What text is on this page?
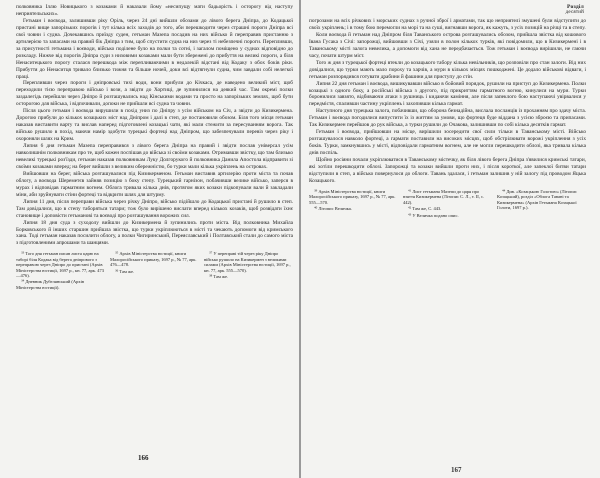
полковника Іллю Новицького з козаками й наказали йому «несипущу мати бадьорість і осторогу від наступу неприятельських».

Гетьман і воєвода, залишивши ріку Оріль, через 24 дні вийшли обозами до лівого берега Дніпра, до Кодацької пристані вище запорізьких порогів і тут кілька всіх заходів до того, аби перешкодити через страшні пороги Дніпра всі свої човни і судна. Дочекавшись приїзду суден, гетьман Мазепа посадив на них військо й переправив пристанню з артилерією та запасами на правий бік Дніпра з тим, щоб спустити судна на низ через ті небезпечні пороги. Перепливши, за присутності гетьмана і воєводи, військо поділене було на полки та сотні, і загалом поміщено у суднах відповідно до розкладу. Нижче від порогів Дніпра суди з низовими козаками мали бути збережені до прибуття на великі пороги, а біля Ненаситецького порогу сталася перешкода між перепливаючими в недалекій відстані від Кодаку з обох боків ріки. Прибуття до Ненаситця тривало близько тижня та більше ночей, доки всі відтягнули судна, чим завдали собі нелегкої праці.

Перепливши через пороги і дніпровські тихі води, вони прибули до Кічкаса, де наведено великий міст, щоб переходили тією переправою військо і вози, а звідти до Хортиці, де зупинилися на деякий час. Там окремі полки заздалегідь перейшли через Дніпро й розташувались над Кінськими водами та просто на запорізьких землях, щоб бути осторогою для війська, і відпочивали, допоки не прийшли всі судна та човни.

Після цього гетьман і воєвода вирушили в похід униз по Дніпру з усім військом на Січ, а звідти до Кизикермена. Дорогою прибули до кількох козацьких міст над Дніпром і далі в степ, де постановили обозом. Біля того місця гетьман наказав виставити варту та вислав наперед підготовлені козацькі чати, які мали стежити за пересуванням ворога. Так військо рушило в похід, маючи намір здобути турецькі фортеці над Дніпром, що забезпечували перевіз через ріку і охороняли шлях на Крим.

Липня 6 дня гетьман Мазепа переправився з лівого берега Дніпра на правий і звідти послав універсал усім навколишнім полковникам про те, щоб кожен поспішав до війська зі своїми козаками. Отримавши звістку, що там близько невеликі турецькі роз'їзди, гетьман наказав полковникам Луку Долгорукого й полковника Данила Апостола відправити зі своїми козаками вперед; на берег вийшли з великим обережністю, бо турки мали кілька укріплень на островах.

Вийшовши на берег, війська розташувалися під Кизикерменом. Гетьман виставив артилерію проти міста та почав облогу, а воєвода Шереметєв зайняв позицію з боку степу. Турецький гарнізон, побачивши велике військо, заперся в мурах і відповідав гарматним вогнем. Облога тривала кілька днів, протягом яких козаки підкопували вали й закладали міни, аби зруйнувати стіни фортеці та відкрити шлях для штурму.

Липня 11 дня, після переправи війська через річку Дніпро, військо підійшло до Кодацької пристані й рушило в степ. Там довідалися, що в степу таборяться татари; тож було вирішено вислати вперед кількох козаків, щоб розвідати їхнє становище і доповісти гетьманові та воєводі про розташування ворожих сил.

Липня 18 дня суда з суходолу вийшли до Кизикермена й зупинились проти міста. Від полковника Михайла Борковського й інших старшин прийшла звістка, що турки укріплюються в місті та чекають допомоги від кримського хана. Тоді гетьман наказав посилити облогу, а полки Чигиринський, Переяславський і Полтавський стали до самого міста з підготовленими апрошами та шанцями.

$^{33}$ Того дня гетьман писав листа царю на таборі біля Кодака від берега дніпрового з переправою через Дніпро до пристані (Архів Міністерства юстиції, 1697 р., кн. 77, арк. 473—476).

$^{34}$ Дневник Дубелянський (Архів Міністерства юстиції).

$^{35}$ Архів Міністерства юстиції, книги Малоросійського приказу, 1697 р., № 77, арк. 476—478.

$^{36}$ Там же.

$^{37}$ У переправі тій через ріку Дніпро військо рушило на Кизикермен з великими силами (Архів Міністерства юстиції, 1697 р., кн. 77, арк. 555—570).

$^{38}$ Там же.

166
Розділ
десятий

погрозами на всіх річкових і морських суднах з ручної зброї і арматами, так що неприятелі змушені були відступити до своїх укріплень; і в тому бою перемогли на морі та на суші, вигнавши ворога, як кажуть, з усіх позицій на річці та в степу.

Коли воєвода й гетьман над Дніпром біля Таванського острова розташувались обозом, прийшла звістка від кошового Івана Гусака з Січі: запорожці, вийшовши з Січі, узяли в полон кількох турків, які повідомили, що в Кизикермені і в Таванському місті залога невелика, а допомоги від хана не передбачається. Тож гетьман і воєвода вирішили, не гаючи часу, почати штурм міст.

Того ж дня з турецької фортеці втекли до козацького табору кілька невільників, що розповіли про стан залоги. Від них довідалися, що турки мають мало пороху та харчів, а мури в кількох місцях пошкоджені. Це додало військові відваги, і гетьман розпорядився готувати драбини й фашини для приступу до стін.

Липня 22 дня гетьман і воєвода, вишикувавши військо в бойовий порядок, рушили на приступ до Кизикермена. Полки козацькі з одного боку, а російські війська з другого, під прикриттям гарматного вогню, кинулися на мури. Турки боронилися завзято, відбиваючи атаки з рушниць і кидаючи каміння, але після запеклого бою наступаючі увірвалися у передмістя, спаливши частину укріплень і захопивши кілька гармат.

Наступного дня турецька залога, побачивши, що оборона безнадійна, вислала посланців із проханням про здачу міста. Гетьман і воєвода погодилися випустити їх із життям за умови, що фортеця буде віддана з усією зброєю та припасами. Так Кизикермен перейшов до рук війська, а турки рушили до Очакова, залишивши по собі кілька десятків гармат.

Гетьман і воєвода, прийшовши на місце, вирішили зосередити свої сили тільки в Таванському місті. Військо розташувалося навколо фортеці, а гармати поставили на високих місцях, щоб обстрілювати ворожі укріплення з усіх боків. Турки, замкнувшись у місті, відповідали гарматним вогнем, але не могли перешкодити облозі, яка тривала кілька днів поспіль.

Щойно росіяни почали укріплюватися в Таванському містечку, як біля лівого берега Дніпра з'явилися кримські татари, які хотіли перешкодити облозі. Запорожці та козаки вийшли проти них, і після короткої, але запеклої битви татари відступили в степ, а військо повернулося до облоги. Тавань здалася, і гетьман залишив у ній залогу під проводом Яцька Козацького.

$^{39}$ Архів Міністерства юстиції, книги Малоросійського приказу, 1697 р., № 77, арк. 555—570.

$^{40}$ Літопис Величка.

$^{41}$ Лист гетьмана Мазепи до царя про взяття Кизикермена (Літопис С. Л., т. II, с. 442).

$^{42}$ Там же, С. 443.

$^{43}$ У Величка подано опис.

$^{44}$ Див. «Козацькою Голотою» (Літопис Козацький), розділ «Облога Тавані та Кизикермена» (Архів Гетьмана Козацької Голоти, 1697 р.).

167
